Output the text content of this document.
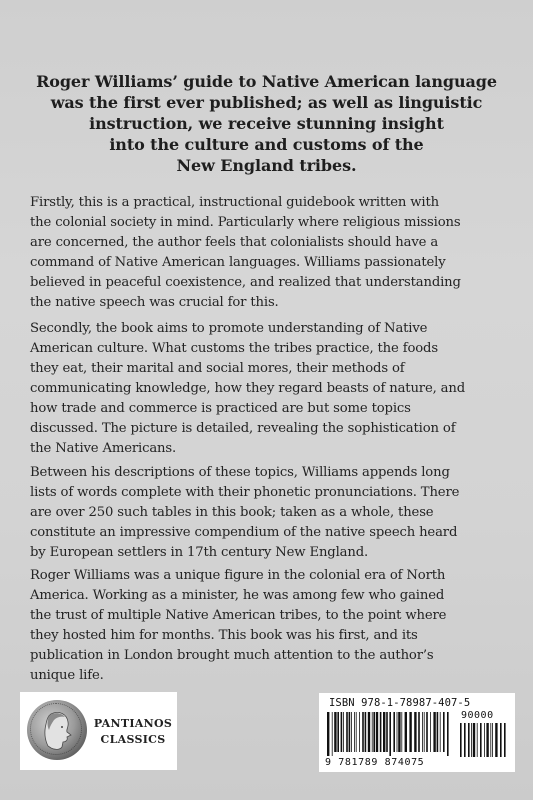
Roger Williams’ guide to Native American language
was the first ever published; as well as linguistic
instruction, we receive stunning insight
into the culture and customs of the
New England tribes.

Firstly, this is a practical, instructional guidebook written with
the colonial society in mind. Particularly where religious missions
are concerned, the author feels that colonialists should have a
command of Native American languages. Williams passionately
believed in peaceful coexistence, and realized that understanding
the native speech was crucial for this.

Secondly, the book aims to promote understanding of Native
American culture. What customs the tribes practice, the foods
they eat, their marital and social mores, their methods of
communicating knowledge, how they regard beasts of nature, and
how trade and commerce is practiced are but some topics
discussed. The picture is detailed, revealing the sophistication of
the Native Americans.

Between his descriptions of these topics, Williams appends long
lists of words complete with their phonetic pronunciations. There
are over 250 such tables in this book; taken as a whole, these
constitute an impressive compendium of the native speech heard
by European settlers in 17th century New England.

Roger Williams was a unique figure in the colonial era of North
America. Working as a minister, he was among few who gained
the trust of multiple Native American tribes, to the point where
they hosted him for months. This book was his first, and its
publication in London brought much attention to the author’s
unique life.

PANTIANOS
CLASSICS
ISBN 978-1-78987-407-5
90000
9 781789 874075
